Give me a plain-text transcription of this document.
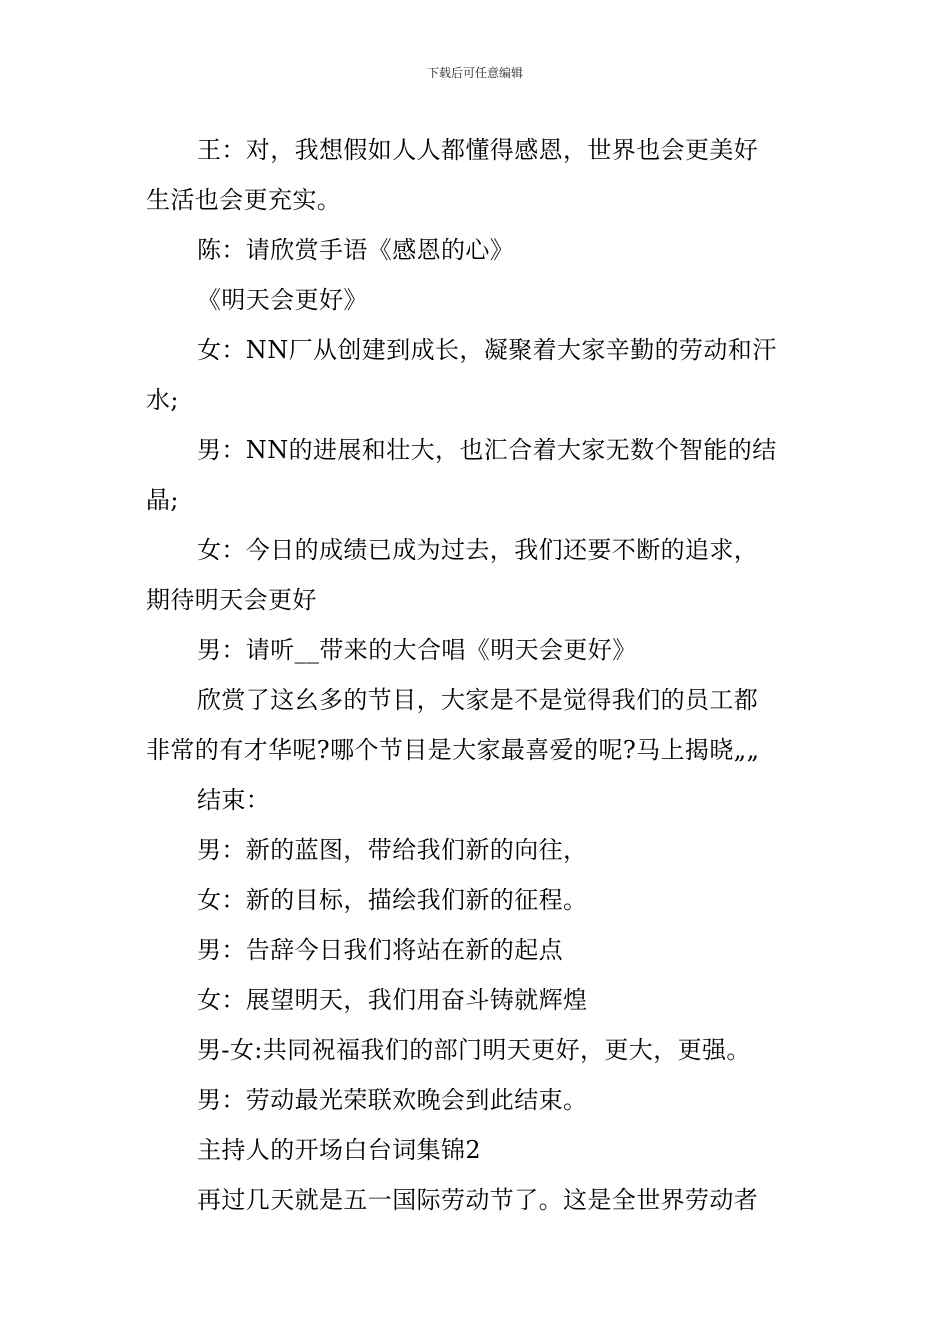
下载后可任意编辑
王：对，我想假如人人都懂得感恩，世界也会更美好
生活也会更充实。
陈：请欣赏手语《感恩的心》
《明天会更好》
女：NN厂从创建到成长，凝聚着大家辛勤的劳动和汗
水;
男：NN的进展和壮大，也汇合着大家无数个智能的结
晶;
女：今日的成绩已成为过去，我们还要不断的追求，
期待明天会更好
男：请听__带来的大合唱《明天会更好》
欣赏了这幺多的节目，大家是不是觉得我们的员工都
非常的有才华呢?哪个节目是大家最喜爱的呢?马上揭晓„„
结束：
男：新的蓝图，带给我们新的向往，
女：新的目标，描绘我们新的征程。
男：告辞今日我们将站在新的起点
女：展望明天，我们用奋斗铸就辉煌
男-女:共同祝福我们的部门明天更好，更大，更强。
男：劳动最光荣联欢晚会到此结束。
主持人的开场白台词集锦2
再过几天就是五一国际劳动节了。这是全世界劳动者
